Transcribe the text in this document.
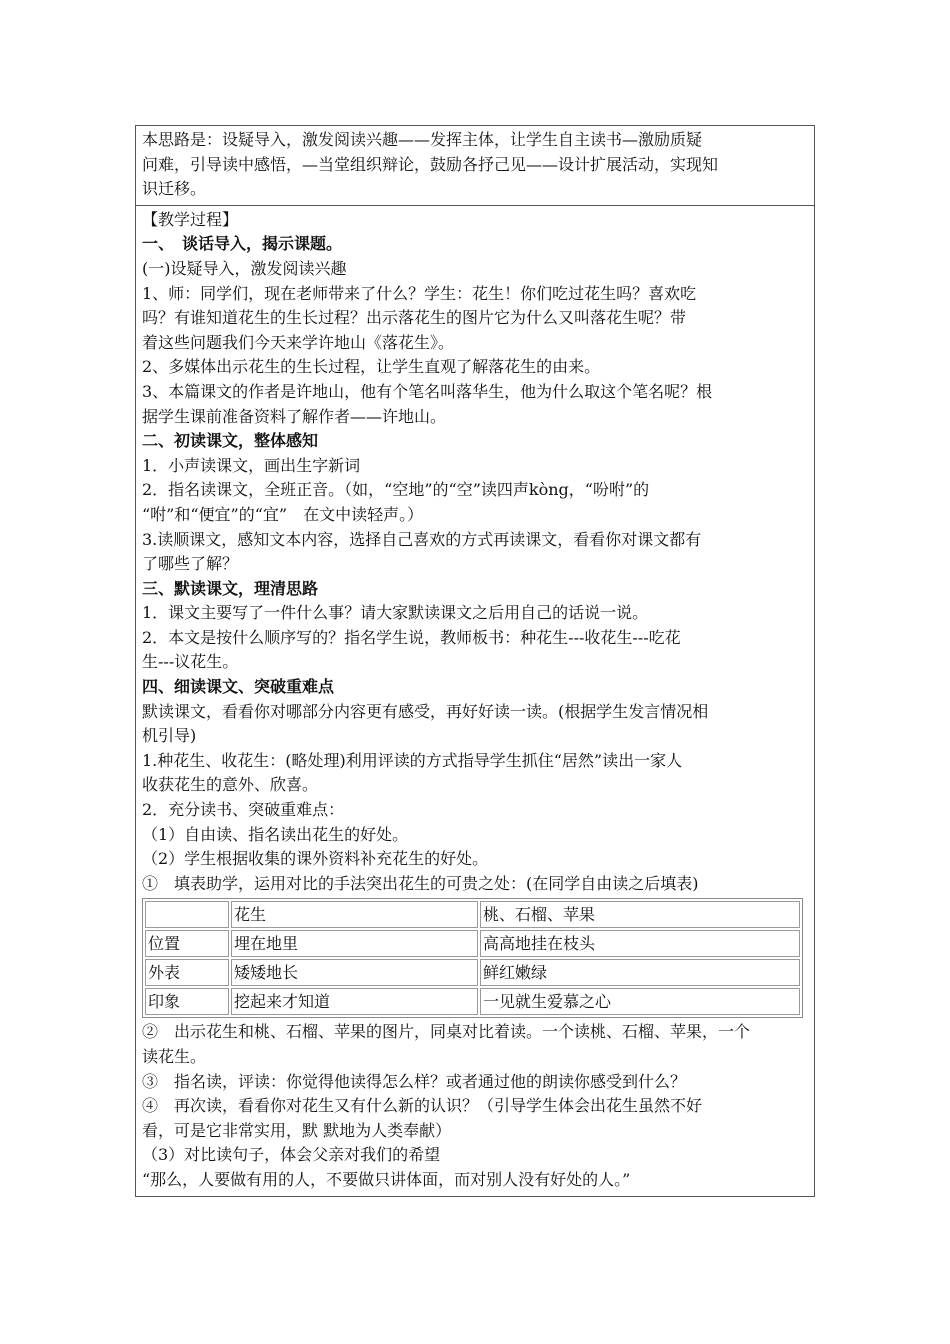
本思路是：设疑导入，激发阅读兴趣——发挥主体，让学生自主读书—激励质疑
问难，引导读中感悟，—当堂组织辩论，鼓励各抒己见——设计扩展活动，实现知
识迁移。
【教学过程】
一、　谈话导入，揭示课题。
(一)设疑导入，激发阅读兴趣
1、师：同学们，现在老师带来了什么？学生：花生！你们吃过花生吗？喜欢吃
吗？有谁知道花生的生长过程？出示落花生的图片它为什么又叫落花生呢？带
着这些问题我们今天来学许地山《落花生》。
2、多媒体出示花生的生长过程，让学生直观了解落花生的由来。
3、本篇课文的作者是许地山，他有个笔名叫落华生，他为什么取这个笔名呢？根
据学生课前准备资料了解作者——许地山。
二、初读课文，整体感知
1．小声读课文，画出生字新词
2．指名读课文，全班正音。（如，“空地”的“空”读四声kòng，“吩咐”的
“咐”和“便宜”的“宜”　在文中读轻声。）
3.读顺课文，感知文本内容，选择自己喜欢的方式再读课文，看看你对课文都有
了哪些了解？
三、默读课文，理清思路
1．课文主要写了一件什么事？请大家默读课文之后用自己的话说一说。
2．本文是按什么顺序写的？指名学生说，教师板书：种花生---收花生---吃花
生---议花生。
四、细读课文、突破重难点
默读课文，看看你对哪部分内容更有感受，再好好读一读。(根据学生发言情况相
机引导)
1.种花生、收花生：(略处理)利用评读的方式指导学生抓住“居然”读出一家人
收获花生的意外、欣喜。
2．充分读书、突破重难点：
（1）自由读、指名读出花生的好处。
（2）学生根据收集的课外资料补充花生的好处。
①　填表助学，运用对比的手法突出花生的可贵之处：(在同学自由读之后填表)
	花生	桃、石榴、苹果
位置	埋在地里	高高地挂在枝头
外表	矮矮地长	鲜红嫩绿
印象	挖起来才知道	一见就生爱慕之心
②　出示花生和桃、石榴、苹果的图片，同桌对比着读。一个读桃、石榴、苹果，一个
读花生。
③　指名读，评读：你觉得他读得怎么样？或者通过他的朗读你感受到什么？
④　再次读，看看你对花生又有什么新的认识？（引导学生体会出花生虽然不好
看，可是它非常实用，默 默地为人类奉献）
（3）对比读句子，体会父亲对我们的希望
“那么，人要做有用的人，不要做只讲体面，而对别人没有好处的人。”
